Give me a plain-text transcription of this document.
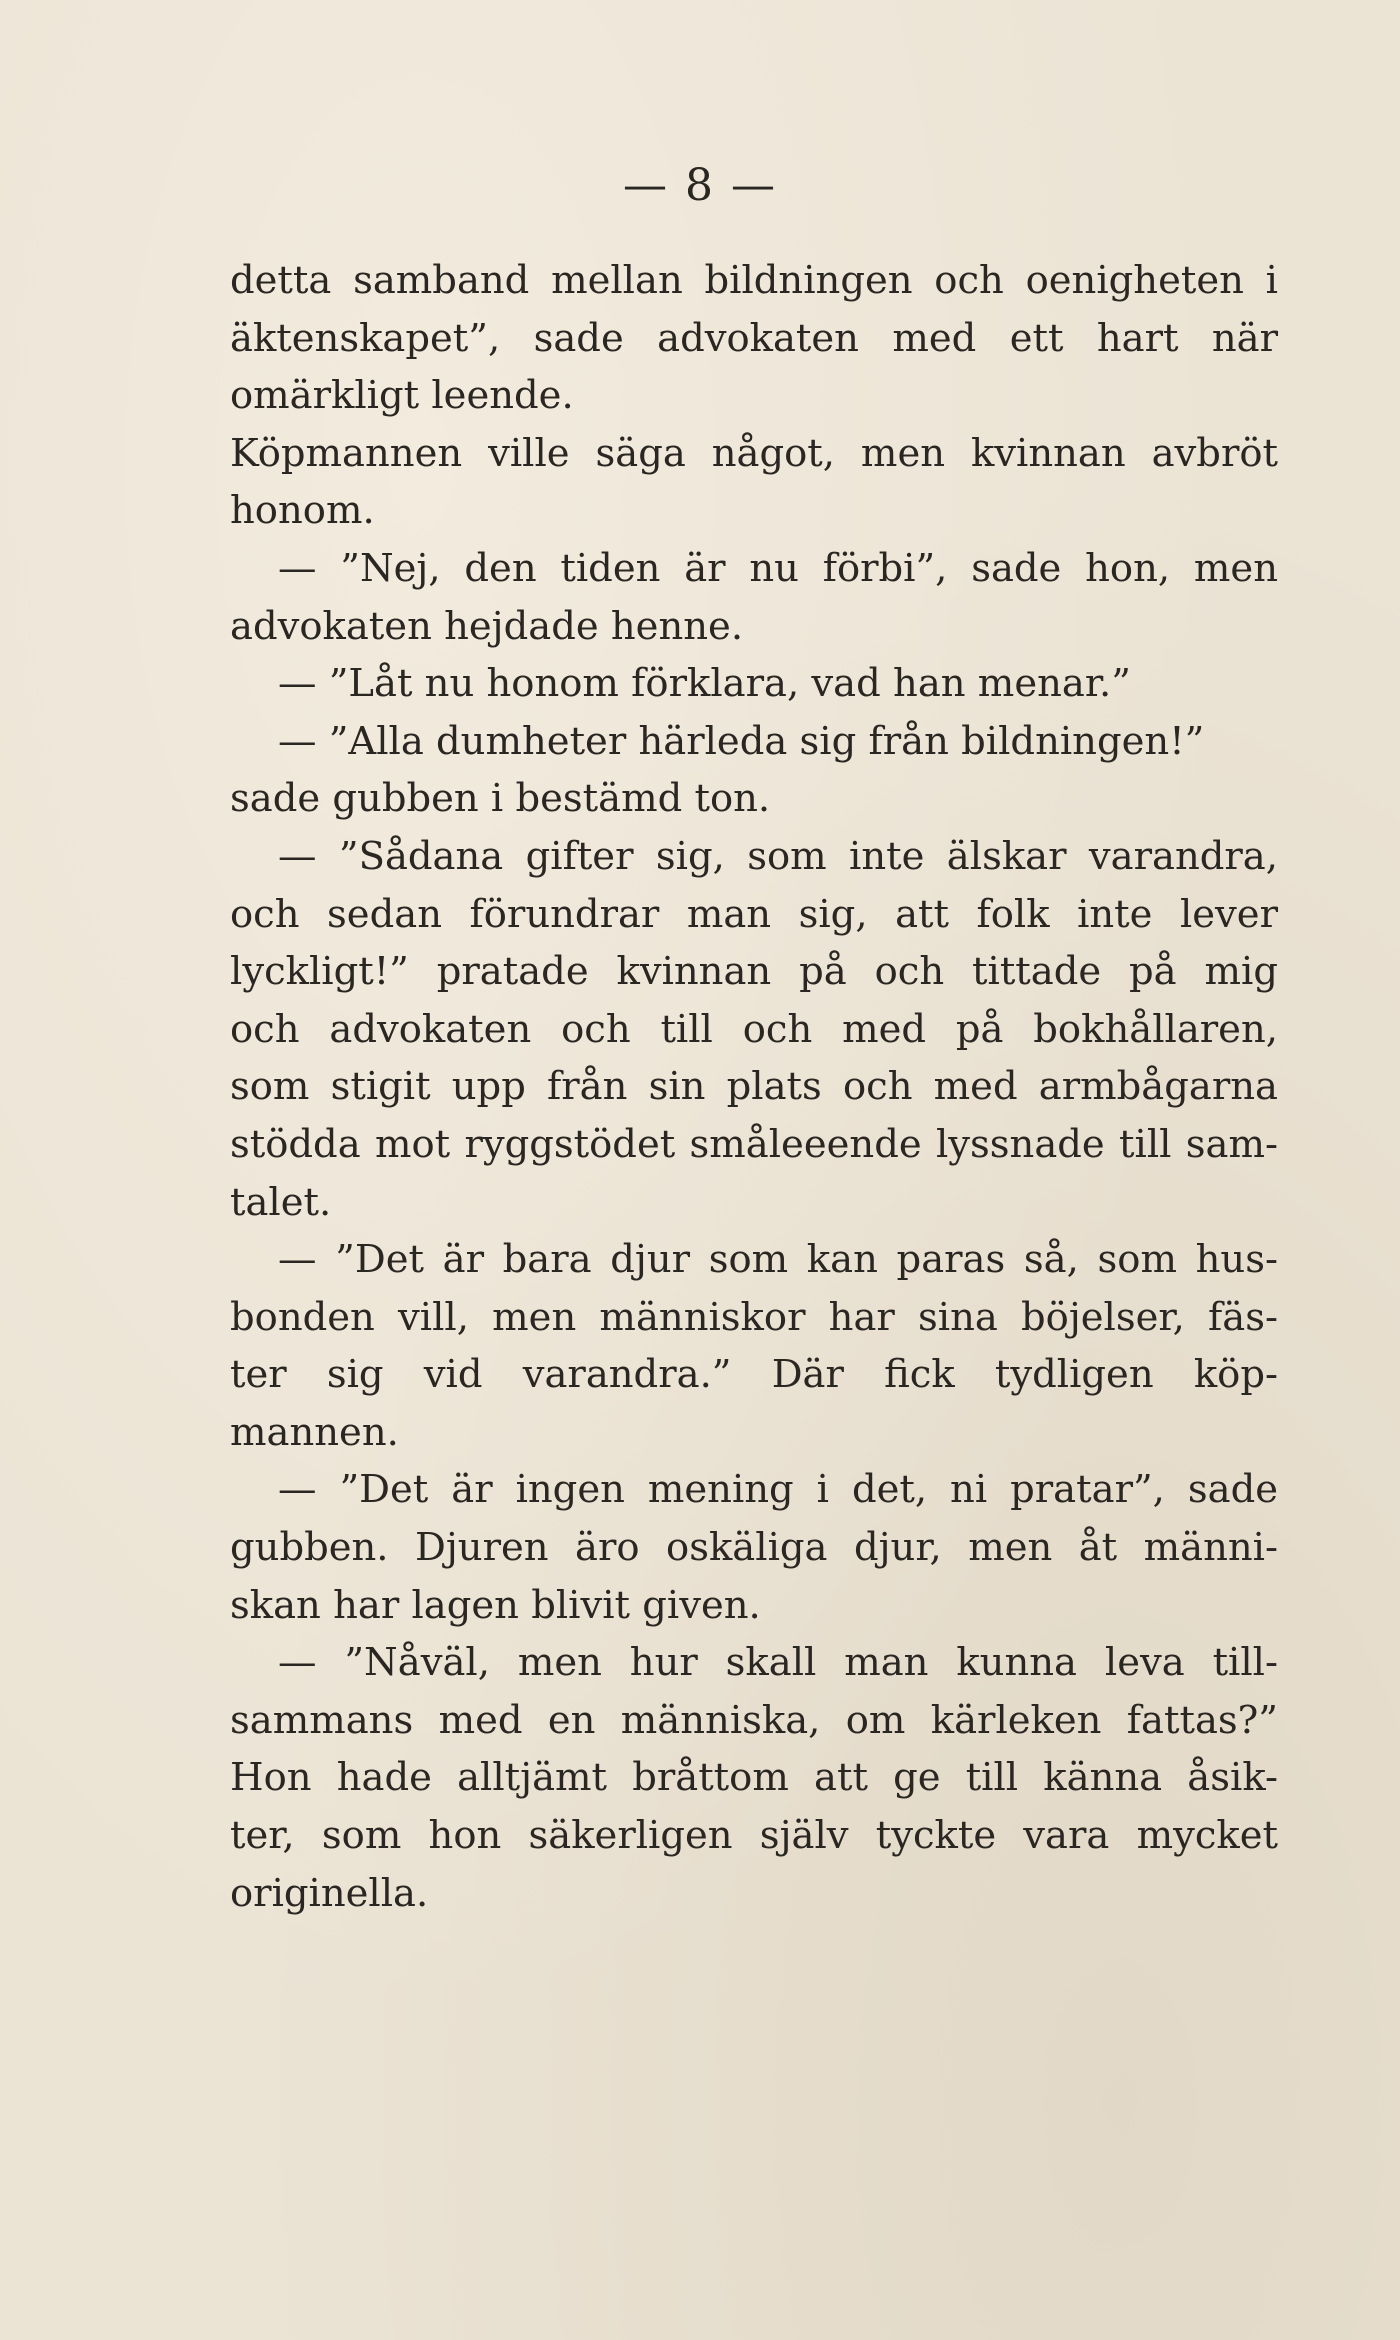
— 8 —
detta samband mellan bildningen och oenigheten i
äktenskapet”, sade advokaten med ett hart när
omärkligt leende.
Köpmannen ville säga något, men kvinnan avbröt
honom.
— ”Nej, den tiden är nu förbi”, sade hon, men
advokaten hejdade henne.
— ”Låt nu honom förklara, vad han menar.”
— ”Alla dumheter härleda sig från bildningen!”
sade gubben i bestämd ton.
— ”Sådana gifter sig, som inte älskar varandra,
och sedan förundrar man sig, att folk inte lever
lyckligt!” pratade kvinnan på och tittade på mig
och advokaten och till och med på bokhållaren,
som stigit upp från sin plats och med armbågarna
stödda mot ryggstödet småleeende lyssnade till sam-
talet.
— ”Det är bara djur som kan paras så, som hus-
bonden vill, men människor har sina böjelser, fäs-
ter sig vid varandra.” Där fick tydligen köp-
mannen.
— ”Det är ingen mening i det, ni pratar”, sade
gubben. Djuren äro oskäliga djur, men åt männi-
skan har lagen blivit given.
— ”Nåväl, men hur skall man kunna leva till-
sammans med en människa, om kärleken fattas?”
Hon hade alltjämt bråttom att ge till känna åsik-
ter, som hon säkerligen själv tyckte vara mycket
originella.
